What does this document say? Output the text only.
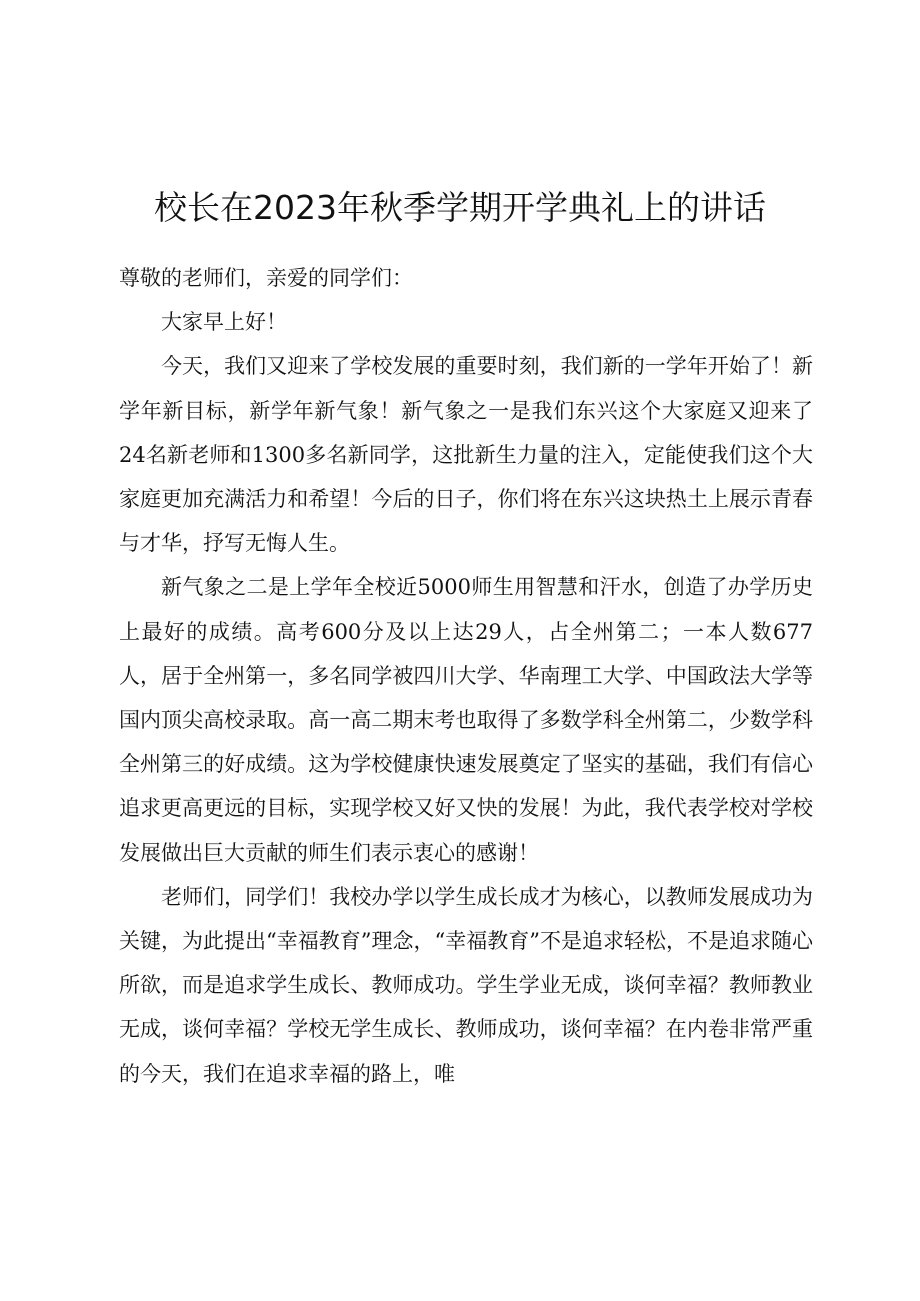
校长在2023年秋季学期开学典礼上的讲话

尊敬的老师们，亲爱的同学们：

大家早上好！

今天，我们又迎来了学校发展的重要时刻，我们新的一学年开始了！新学年新目标，新学年新气象！新气象之一是我们东兴这个大家庭又迎来了24名新老师和1300多名新同学，这批新生力量的注入，定能使我们这个大家庭更加充满活力和希望！今后的日子，你们将在东兴这块热土上展示青春与才华，抒写无悔人生。

新气象之二是上学年全校近5000师生用智慧和汗水，创造了办学历史上最好的成绩。高考600分及以上达29人，占全州第二；一本人数677人，居于全州第一，多名同学被四川大学、华南理工大学、中国政法大学等国内顶尖高校录取。高一高二期末考也取得了多数学科全州第二，少数学科全州第三的好成绩。这为学校健康快速发展奠定了坚实的基础，我们有信心追求更高更远的目标，实现学校又好又快的发展！为此，我代表学校对学校发展做出巨大贡献的师生们表示衷心的感谢！

老师们，同学们！我校办学以学生成长成才为核心，以教师发展成功为关键，为此提出“幸福教育”理念，“幸福教育”不是追求轻松，不是追求随心所欲，而是追求学生成长、教师成功。学生学业无成，谈何幸福？教师教业无成，谈何幸福？学校无学生成长、教师成功，谈何幸福？在内卷非常严重的今天，我们在追求幸福的路上，唯
